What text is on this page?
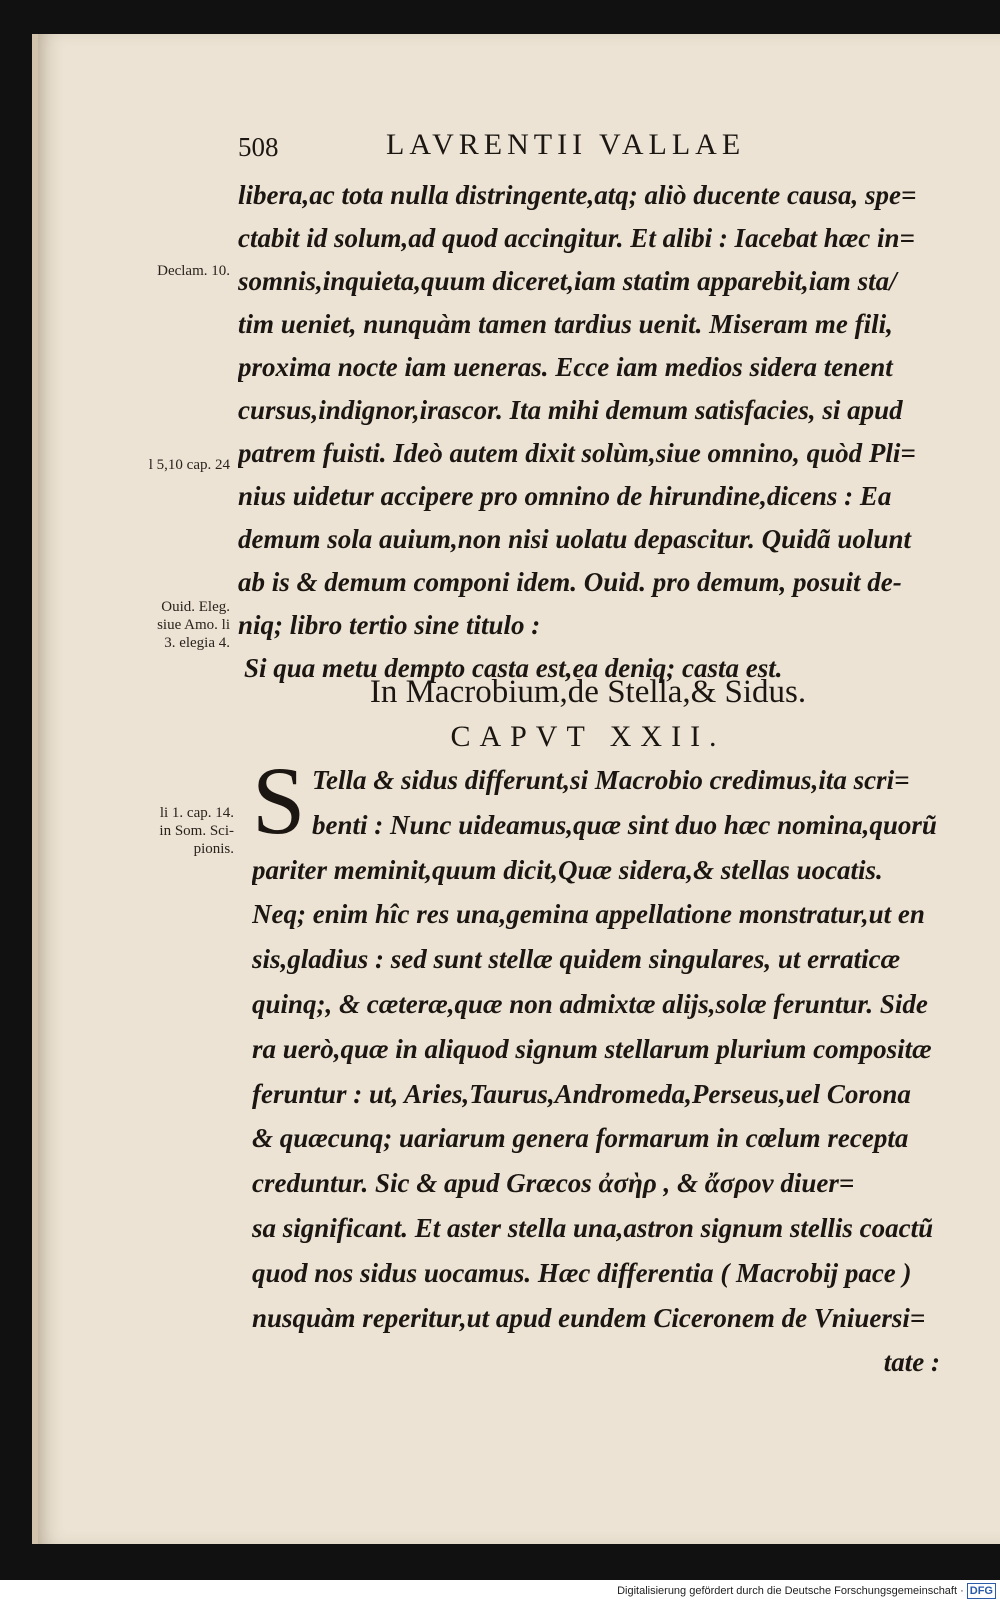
508	LAVRENTII VALLAE
Declam. 10.
l 5,10 cap. 24
Ouid. Eleg.
siue Amo. li
3. elegia 4.
li 1. cap. 14.
in Som. Sci-
pionis.
libera,ac tota nulla distringente,atq; aliò ducente causa, spe=
ctabit id solum,ad quod accingitur. Et alibi : Iacebat hæc in=
somnis,inquieta,quum diceret,iam statim apparebit,iam sta/
tim ueniet, nunquàm tamen tardius uenit. Miseram me fili,
proxima nocte iam ueneras. Ecce iam medios sidera tenent
cursus,indignor,irascor. Ita mihi demum satisfacies, si apud
patrem fuisti. Ideò autem dixit solùm,siue omnino, quòd Pli=
nius uidetur accipere pro omnino de hirundine,dicens : Ea
demum sola auium,non nisi uolatu depascitur. Quidã uolunt
ab is & demum componi idem. Ouid. pro demum, posuit de-
niq; libro tertio sine titulo :
Si qua metu dempto casta est,ea deniq; casta est.
In Macrobium,de Stella,& Sidus.
CAPVT XXII.
S Tella & sidus differunt,si Macrobio credimus,ita scri=
benti : Nunc uideamus,quæ sint duo hæc nomina,quorũ
pariter meminit,quum dicit,Quæ sidera,& stellas uocatis.
Neq; enim hîc res una,gemina appellatione monstratur,ut en
sis,gladius : sed sunt stellæ quidem singulares, ut erraticæ
quinq;, & cæteræ,quæ non admixtæ alijs,solæ feruntur. Side
ra uerò,quæ in aliquod signum stellarum plurium compositæ
feruntur : ut, Aries,Taurus,Andromeda,Perseus,uel Corona
& quæcunq; uariarum genera formarum in cœlum recepta
creduntur. Sic & apud Græcos ἀσὴρ , & ἄσρον diuer=
sa significant. Et aster stella una,astron signum stellis coactũ
quod nos sidus uocamus. Hæc differentia ( Macrobij pace )
nusquàm reperitur,ut apud eundem Ciceronem de Vniuersi=
tate :
Digitalisierung gefördert durch die Deutsche Forschungsgemeinschaft · DFG
